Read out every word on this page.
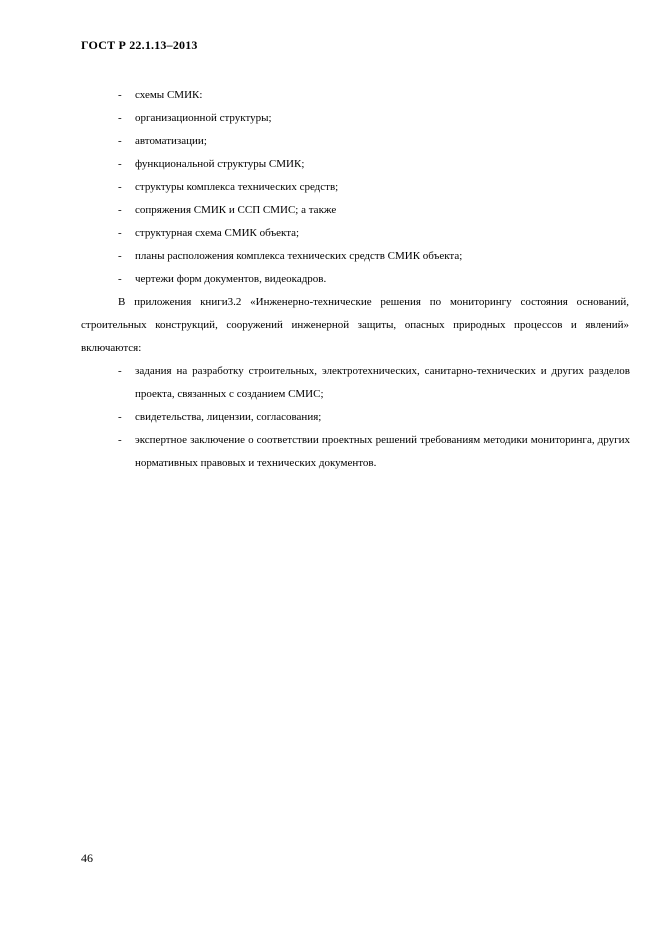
ГОСТ Р 22.1.13–2013
- схемы СМИК:
- организационной структуры;
- автоматизации;
- функциональной структуры СМИК;
- структуры комплекса технических средств;
- сопряжения СМИК и ССП СМИС; а также
- структурная схема СМИК объекта;
- планы расположения комплекса технических средств СМИК объекта;
- чертежи форм документов, видеокадров.

В приложения книги3.2 «Инженерно-технические решения по мониторингу состояния оснований, строительных конструкций, сооружений инженерной защиты, опасных природных процессов и явлений» включаются:

- задания на разработку строительных, электротехнических, санитарно-технических и других разделов проекта, связанных с созданием СМИС;
- свидетельства, лицензии, согласования;
- экспертное заключение о соответствии проектных решений требованиям методики мониторинга, других нормативных правовых и технических документов.
46
